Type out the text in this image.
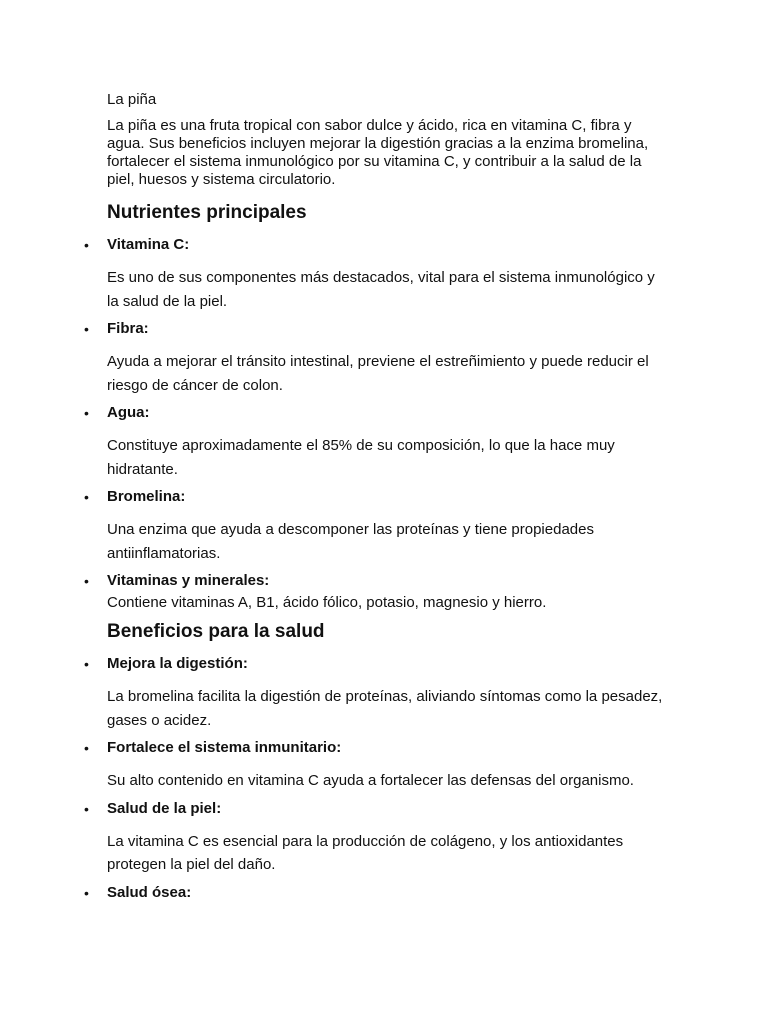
La piña
La piña es una fruta tropical con sabor dulce y ácido, rica en vitamina C, fibra y agua. Sus beneficios incluyen mejorar la digestión gracias a la enzima bromelina, fortalecer el sistema inmunológico por su vitamina C, y contribuir a la salud de la piel, huesos y sistema circulatorio.
Nutrientes principales
• Vitamina C:
Es uno de sus componentes más destacados, vital para el sistema inmunológico y la salud de la piel.
• Fibra:
Ayuda a mejorar el tránsito intestinal, previene el estreñimiento y puede reducir el riesgo de cáncer de colon.
• Agua:
Constituye aproximadamente el 85% de su composición, lo que la hace muy hidratante.
• Bromelina:
Una enzima que ayuda a descomponer las proteínas y tiene propiedades antiinflamatorias.
• Vitaminas y minerales:
Contiene vitaminas A, B1, ácido fólico, potasio, magnesio y hierro.
Beneficios para la salud
• Mejora la digestión:
La bromelina facilita la digestión de proteínas, aliviando síntomas como la pesadez, gases o acidez.
• Fortalece el sistema inmunitario:
Su alto contenido en vitamina C ayuda a fortalecer las defensas del organismo.
• Salud de la piel:
La vitamina C es esencial para la producción de colágeno, y los antioxidantes protegen la piel del daño.
• Salud ósea:
